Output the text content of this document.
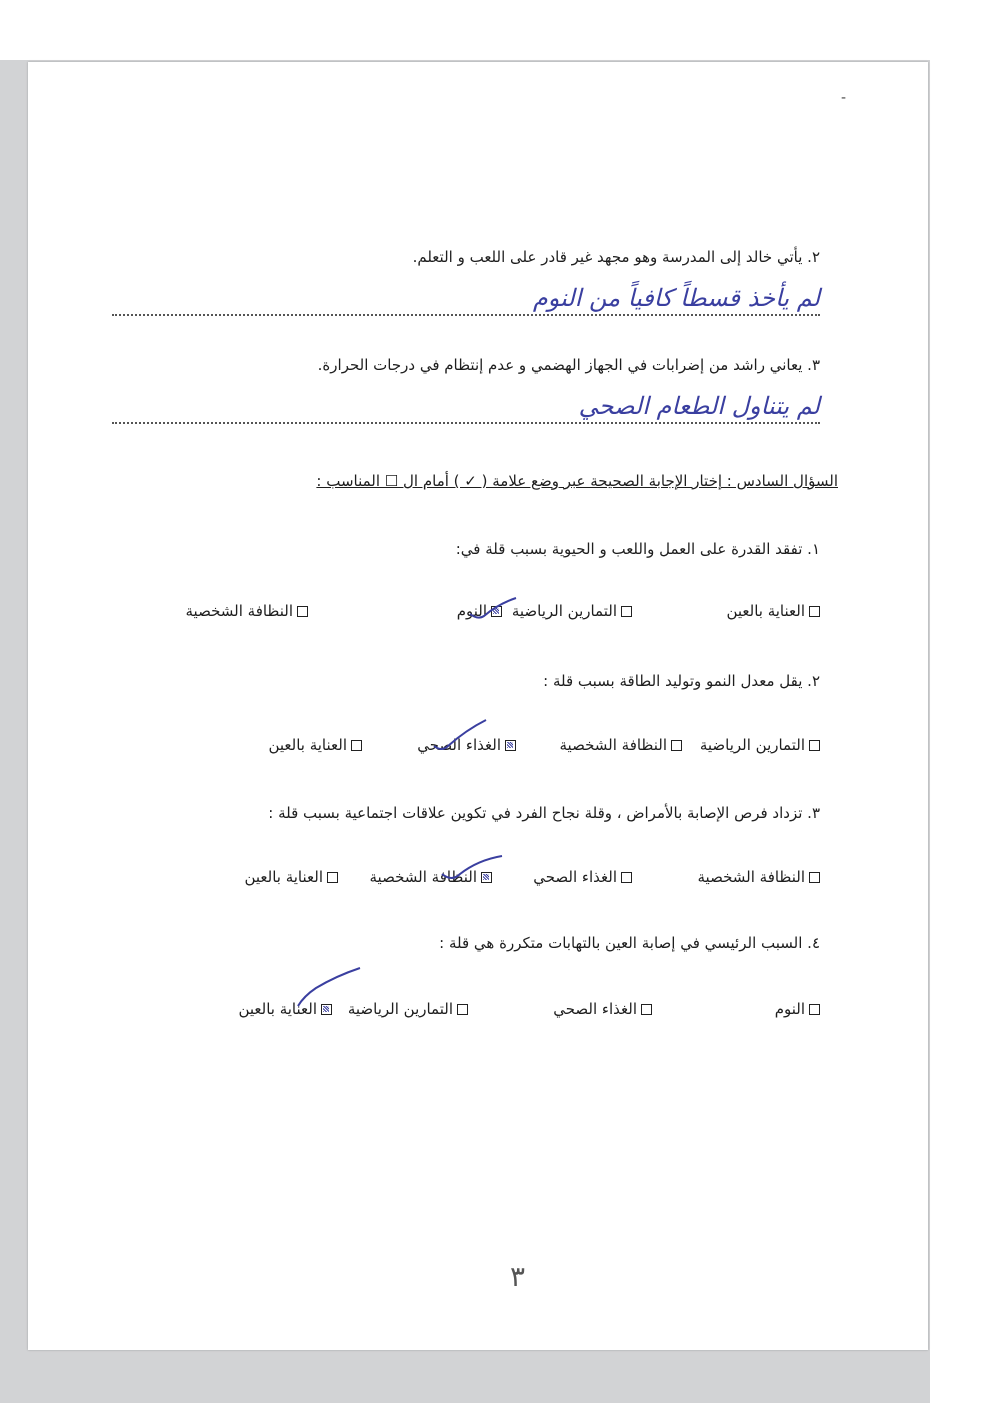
-
٢. يأتي خالد إلى المدرسة وهو مجهد غير قادر على اللعب و التعلم.
لم يأخذ قسطاً كافياً من النوم
٣. يعاني راشد من إضرابات في الجهاز الهضمي و عدم إنتظام في درجات الحرارة.
لم يتناول الطعام الصحي
السؤال السادس : إختار الإجابة الصحيحة عبر وضع علامة ( ✓ ) أمام ال ☐ المناسب :
١. تفقد القدرة على العمل واللعب و الحيوية بسبب قلة في:
العناية بالعين
التمارين الرياضية
النوم
النظافة الشخصية
٢. يقل معدل النمو وتوليد الطاقة بسبب قلة :
التمارين الرياضية
النظافة الشخصية
الغذاء الصحي
العناية بالعين
٣. تزداد فرص الإصابة بالأمراض ، وقلة نجاح الفرد في تكوين علاقات اجتماعية بسبب قلة :
النظافة الشخصية
الغذاء الصحي
النظافة الشخصية
العناية بالعين
٤. السبب الرئيسي في إصابة العين بالتهابات متكررة هي قلة :
النوم
الغذاء الصحي
التمارين الرياضية
العناية بالعين
٣
